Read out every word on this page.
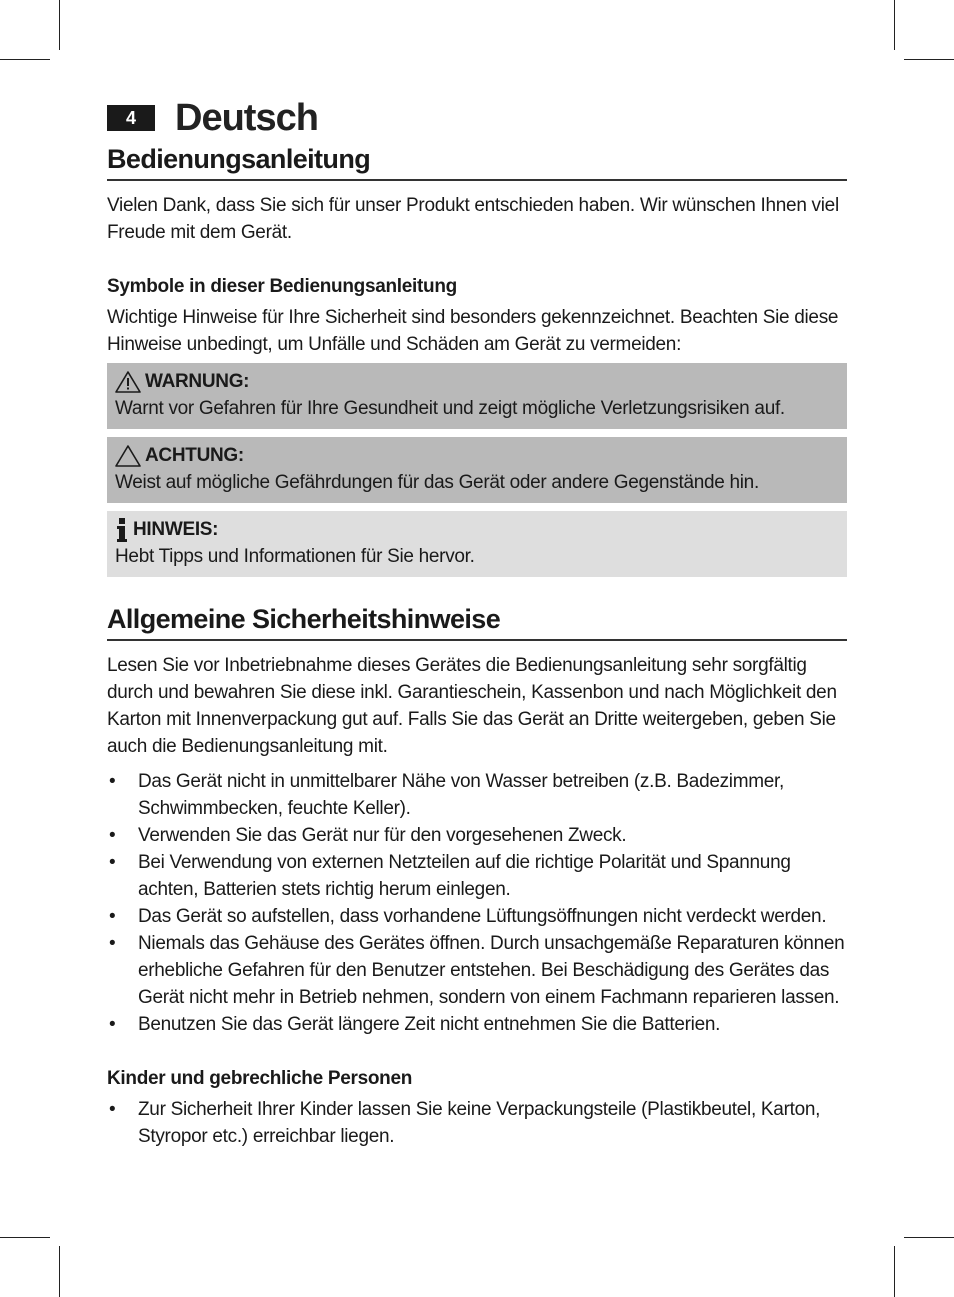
4	Deutsch
Bedienungsanleitung

Vielen Dank, dass Sie sich für unser Produkt entschieden haben. Wir wünschen Ihnen viel Freude mit dem Gerät.

Symbole in dieser Bedienungsanleitung

Wichtige Hinweise für Ihre Sicherheit sind besonders gekennzeichnet. Beachten Sie diese Hinweise unbedingt, um Unfälle und Schäden am Gerät zu vermeiden:

WARNUNG:
Warnt vor Gefahren für Ihre Gesundheit und zeigt mögliche Verletzungsrisiken auf.
ACHTUNG:
Weist auf mögliche Gefährdungen für das Gerät oder andere Gegenstände hin.
HINWEIS:
Hebt Tipps und Informationen für Sie hervor.
Allgemeine Sicherheitshinweise

Lesen Sie vor Inbetriebnahme dieses Gerätes die Bedienungsanleitung sehr sorgfältig durch und bewahren Sie diese inkl. Garantieschein, Kassenbon und nach Möglichkeit den Karton mit Innenverpackung gut auf. Falls Sie das Gerät an Dritte weitergeben, geben Sie auch die Bedienungsanleitung mit.

• Das Gerät nicht in unmittelbarer Nähe von Wasser betreiben (z.B. Badezimmer, Schwimmbecken, feuchte Keller).
• Verwenden Sie das Gerät nur für den vorgesehenen Zweck.
• Bei Verwendung von externen Netzteilen auf die richtige Polarität und Spannung achten, Batterien stets richtig herum einlegen.
• Das Gerät so aufstellen, dass vorhandene Lüftungsöffnungen nicht verdeckt werden.
• Niemals das Gehäuse des Gerätes öffnen. Durch unsachgemäße Reparaturen können erhebliche Gefahren für den Benutzer entstehen. Bei Beschädigung des Gerätes das Gerät nicht mehr in Betrieb nehmen, sondern von einem Fachmann reparieren lassen.
• Benutzen Sie das Gerät längere Zeit nicht entnehmen Sie die Batterien.
Kinder und gebrechliche Personen
• Zur Sicherheit Ihrer Kinder lassen Sie keine Verpackungsteile (Plastikbeutel, Karton, Styropor etc.) erreichbar liegen.
